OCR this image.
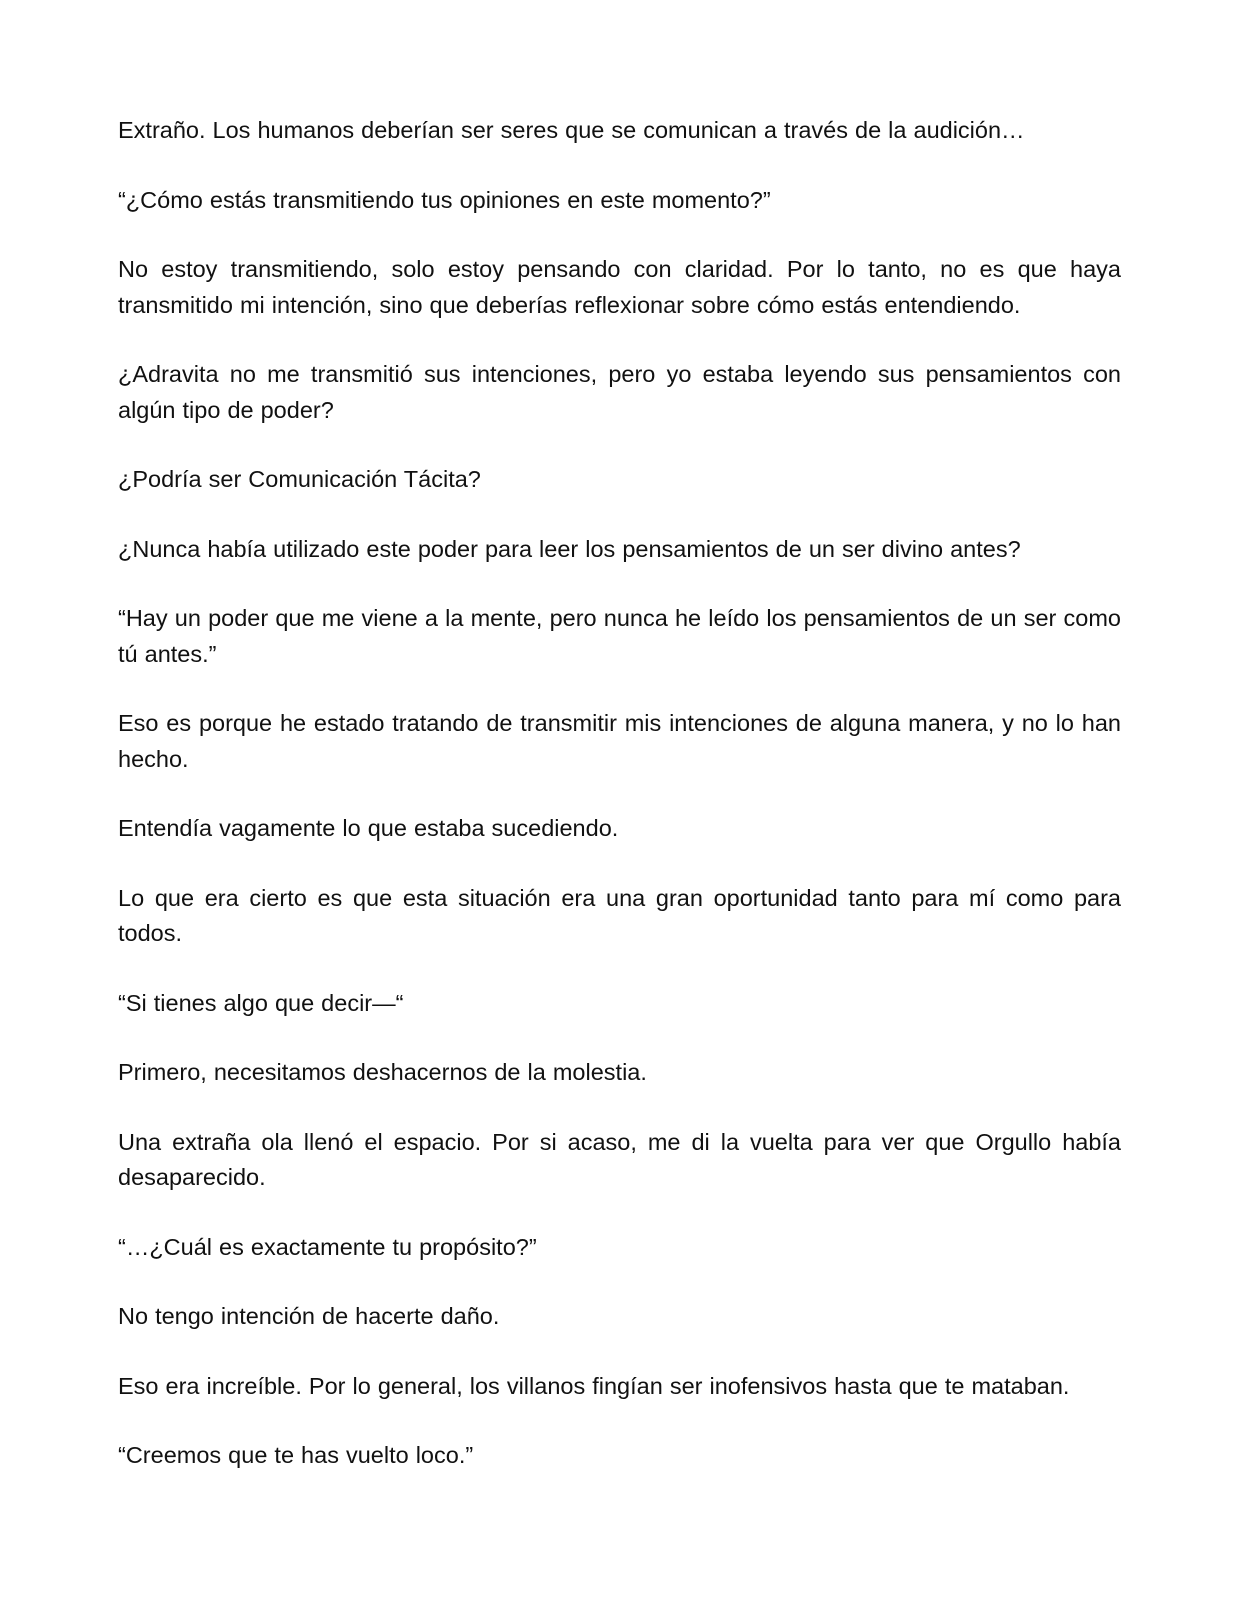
Extraño. Los humanos deberían ser seres que se comunican a través de la audición…

“¿Cómo estás transmitiendo tus opiniones en este momento?”

No estoy transmitiendo, solo estoy pensando con claridad. Por lo tanto, no es que haya transmitido mi intención, sino que deberías reflexionar sobre cómo estás entendiendo.

¿Adravita no me transmitió sus intenciones, pero yo estaba leyendo sus pensamientos con algún tipo de poder?

¿Podría ser Comunicación Tácita?

¿Nunca había utilizado este poder para leer los pensamientos de un ser divino antes?

“Hay un poder que me viene a la mente, pero nunca he leído los pensamientos de un ser como tú antes.”

Eso es porque he estado tratando de transmitir mis intenciones de alguna manera, y no lo han hecho.

Entendía vagamente lo que estaba sucediendo.

Lo que era cierto es que esta situación era una gran oportunidad tanto para mí como para todos.

“Si tienes algo que decir—“

Primero, necesitamos deshacernos de la molestia.

Una extraña ola llenó el espacio. Por si acaso, me di la vuelta para ver que Orgullo había desaparecido.

“…¿Cuál es exactamente tu propósito?”

No tengo intención de hacerte daño.

Eso era increíble. Por lo general, los villanos fingían ser inofensivos hasta que te mataban.

“Creemos que te has vuelto loco.”
